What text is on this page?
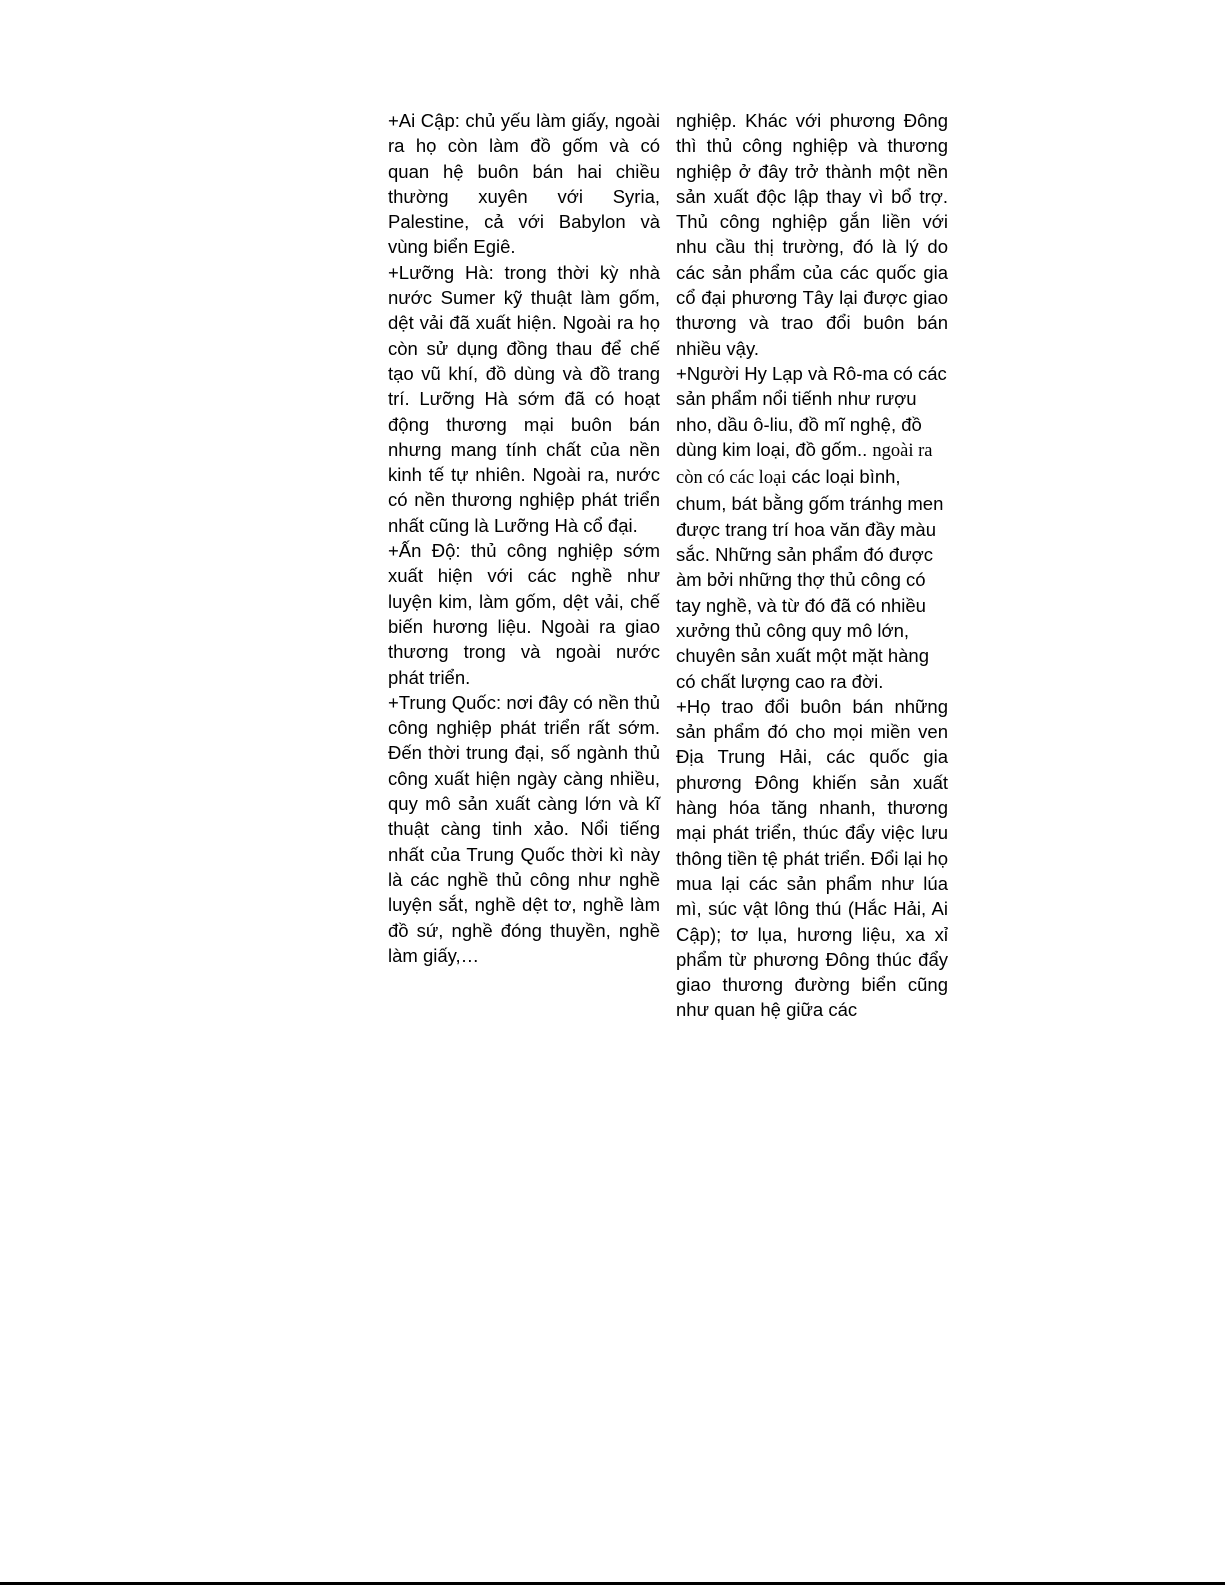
+Ai Cập: chủ yếu làm giấy, ngoài ra họ còn làm đồ gốm và có quan hệ buôn bán hai chiều thường xuyên với Syria, Palestine, cả với Babylon và vùng biển Egiê.

+Lưỡng Hà: trong thời kỳ nhà nước Sumer kỹ thuật làm gốm, dệt vải đã xuất hiện. Ngoài ra họ còn sử dụng đồng thau để chế tạo vũ khí, đồ dùng và đồ trang trí. Lưỡng Hà sớm đã có hoạt động thương mại buôn bán nhưng mang tính chất của nền kinh tế tự nhiên. Ngoài ra, nước có nền thương nghiệp phát triển nhất cũng là Lưỡng Hà cổ đại.

+Ấn Độ: thủ công nghiệp sớm xuất hiện với các nghề như luyện kim, làm gốm, dệt vải, chế biến hương liệu. Ngoài ra giao thương trong và ngoài nước phát triển.

+Trung Quốc: nơi đây có nền thủ công nghiệp phát triển rất sớm. Đến thời trung đại, số ngành thủ công xuất hiện ngày càng nhiều, quy mô sản xuất càng lớn và kĩ thuật càng tinh xảo. Nổi tiếng nhất của Trung Quốc thời kì này là các nghề thủ công như nghề luyện sắt, nghề dệt tơ, nghề làm đồ sứ, nghề đóng thuyền, nghề làm giấy,…

nghiệp. Khác với phương Đông thì thủ công nghiệp và thương nghiệp ở đây trở thành một nền sản xuất độc lập thay vì bổ trợ. Thủ công nghiệp gắn liền với nhu cầu thị trường, đó là lý do các sản phẩm của các quốc gia cổ đại phương Tây lại được giao thương và trao đổi buôn bán nhiều vậy.

+Người Hy Lạp và Rô-ma có các sản phẩm nổi tiếnh như rượu nho, dầu ô-liu, đồ mĩ nghệ, đồ dùng kim loại, đồ gốm.. ngoài ra còn có các loại các loại bình, chum, bát bằng gốm tránhg men được trang trí hoa văn đầy màu sắc. Những sản phẩm đó được àm bởi những thợ thủ công có tay nghề, và từ đó đã có nhiều xưởng thủ công quy mô lớn, chuyên sản xuất một mặt hàng có chất lượng cao ra đời.

+Họ trao đổi buôn bán những sản phẩm đó cho mọi miền ven Địa Trung Hải, các quốc gia phương Đông khiến sản xuất hàng hóa tăng nhanh, thương mại phát triển, thúc đẩy việc lưu thông tiền tệ phát triển. Đổi lại họ mua lại các sản phẩm như lúa mì, súc vật lông thú (Hắc Hải, Ai Cập); tơ lụa, hương liệu, xa xỉ phẩm từ phương Đông thúc đẩy giao thương đường biển cũng như quan hệ giữa các
